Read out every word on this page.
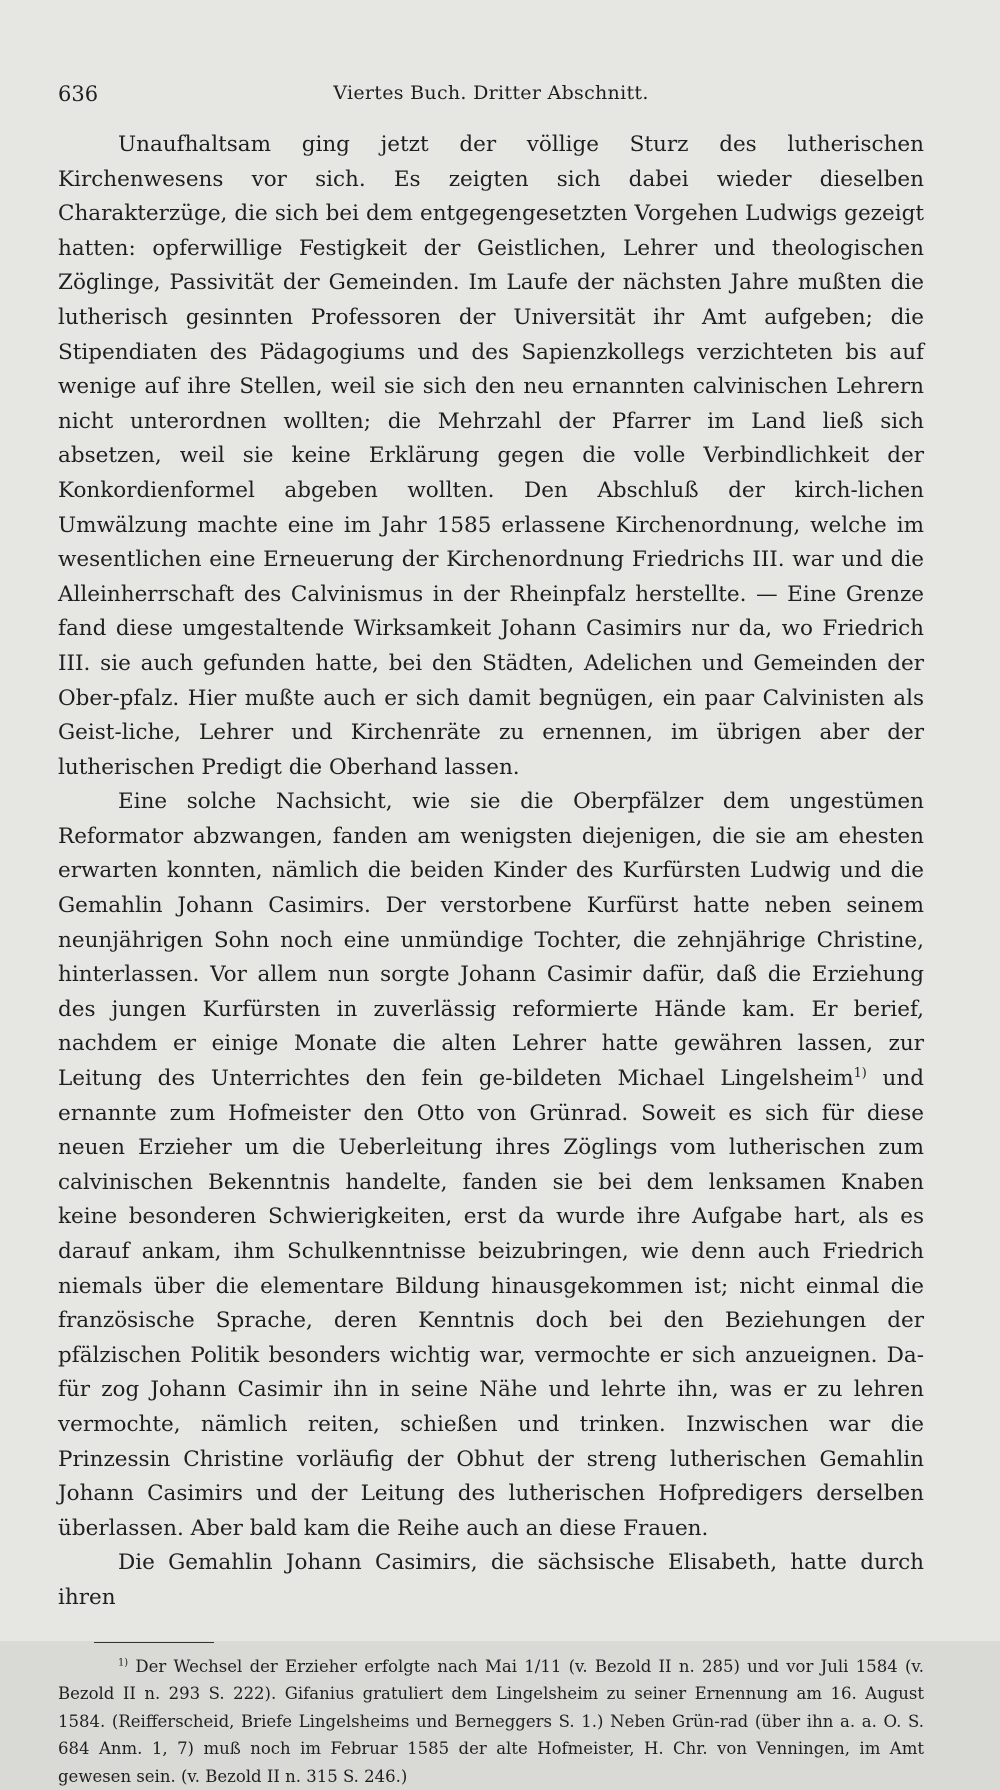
636	Viertes Buch. Dritter Abschnitt.

Unaufhaltsam ging jetzt der völlige Sturz des lutherischen Kirchenwesens vor sich. Es zeigten sich dabei wieder dieselben Charakterzüge, die sich bei dem entgegengesetzten Vorgehen Ludwigs gezeigt hatten: opferwillige Festigkeit der Geistlichen, Lehrer und theologischen Zöglinge, Passivität der Gemeinden. Im Laufe der nächsten Jahre mußten die lutherisch gesinnten Professoren der Universität ihr Amt aufgeben; die Stipendiaten des Pädagogiums und des Sapienzkollegs verzichteten bis auf wenige auf ihre Stellen, weil sie sich den neu ernannten calvinischen Lehrern nicht unterordnen wollten; die Mehrzahl der Pfarrer im Land ließ sich absetzen, weil sie keine Erklärung gegen die volle Verbindlichkeit der Konkordienformel abgeben wollten. Den Abschluß der kirch-lichen Umwälzung machte eine im Jahr 1585 erlassene Kirchenordnung, welche im wesentlichen eine Erneuerung der Kirchenordnung Friedrichs III. war und die Alleinherrschaft des Calvinismus in der Rheinpfalz herstellte. — Eine Grenze fand diese umgestaltende Wirksamkeit Johann Casimirs nur da, wo Friedrich III. sie auch gefunden hatte, bei den Städten, Adelichen und Gemeinden der Ober-pfalz. Hier mußte auch er sich damit begnügen, ein paar Calvinisten als Geist-liche, Lehrer und Kirchenräte zu ernennen, im übrigen aber der lutherischen Predigt die Oberhand lassen.

Eine solche Nachsicht, wie sie die Oberpfälzer dem ungestümen Reformator abzwangen, fanden am wenigsten diejenigen, die sie am ehesten erwarten konnten, nämlich die beiden Kinder des Kurfürsten Ludwig und die Gemahlin Johann Casimirs. Der verstorbene Kurfürst hatte neben seinem neunjährigen Sohn noch eine unmündige Tochter, die zehnjährige Christine, hinterlassen. Vor allem nun sorgte Johann Casimir dafür, daß die Erziehung des jungen Kurfürsten in zuverlässig reformierte Hände kam. Er berief, nachdem er einige Monate die alten Lehrer hatte gewähren lassen, zur Leitung des Unterrichtes den fein ge-bildeten Michael Lingelsheim$^{1)}$ und ernannte zum Hofmeister den Otto von Grünrad. Soweit es sich für diese neuen Erzieher um die Ueberleitung ihres Zöglings vom lutherischen zum calvinischen Bekenntnis handelte, fanden sie bei dem lenksamen Knaben keine besonderen Schwierigkeiten, erst da wurde ihre Aufgabe hart, als es darauf ankam, ihm Schulkenntnisse beizubringen, wie denn auch Friedrich niemals über die elementare Bildung hinausgekommen ist; nicht einmal die französische Sprache, deren Kenntnis doch bei den Beziehungen der pfälzischen Politik besonders wichtig war, vermochte er sich anzueignen. Da-für zog Johann Casimir ihn in seine Nähe und lehrte ihn, was er zu lehren vermochte, nämlich reiten, schießen und trinken. Inzwischen war die Prinzessin Christine vorläufig der Obhut der streng lutherischen Gemahlin Johann Casimirs und der Leitung des lutherischen Hofpredigers derselben überlassen. Aber bald kam die Reihe auch an diese Frauen.

Die Gemahlin Johann Casimirs, die sächsische Elisabeth, hatte durch ihren

$^{1)}$ Der Wechsel der Erzieher erfolgte nach Mai 1/11 (v. Bezold II n. 285) und vor Juli 1584 (v. Bezold II n. 293 S. 222). Gifanius gratuliert dem Lingelsheim zu seiner Ernennung am 16. August 1584. (Reifferscheid, Briefe Lingelsheims und Berneggers S. 1.) Neben Grün-rad (über ihn a. a. O. S. 684 Anm. 1, 7) muß noch im Februar 1585 der alte Hofmeister, H. Chr. von Venningen, im Amt gewesen sein. (v. Bezold II n. 315 S. 246.)
